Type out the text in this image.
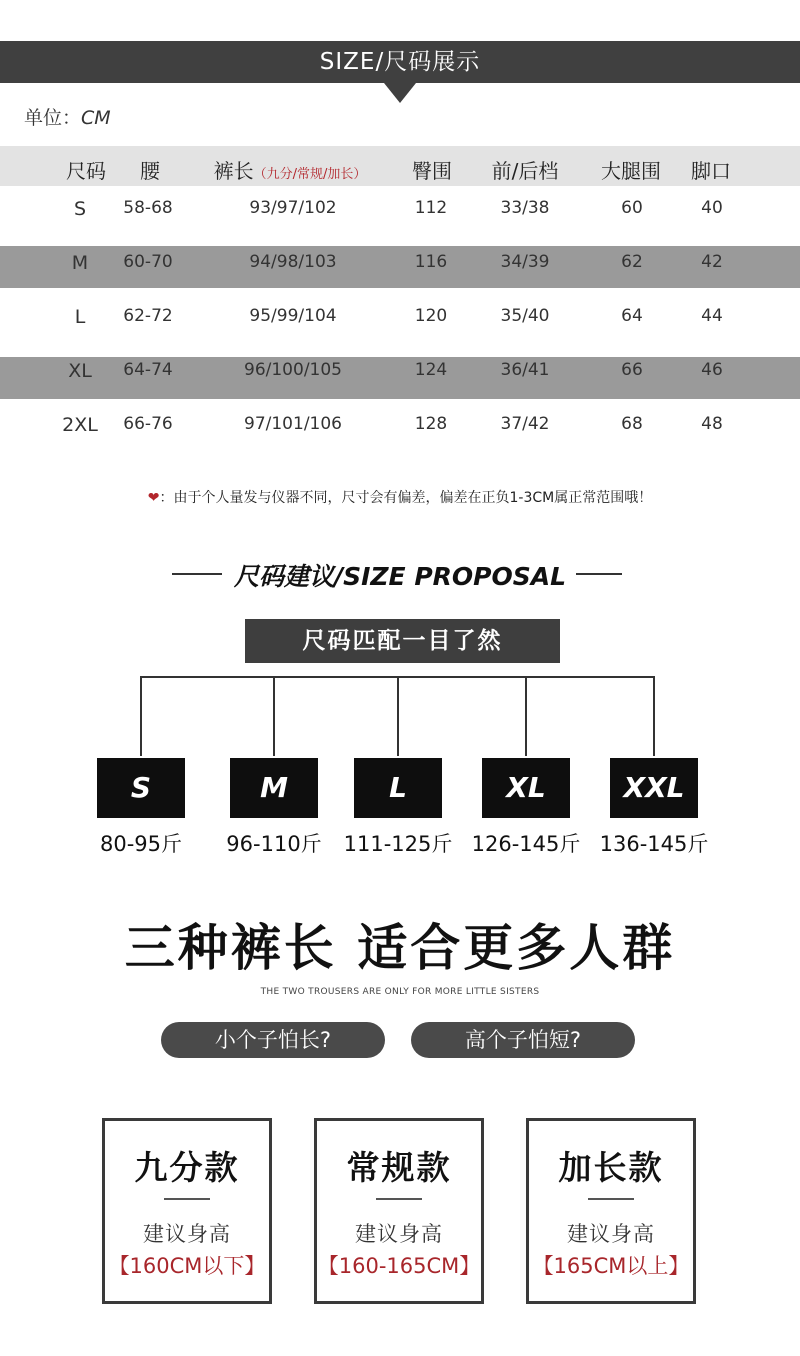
SIZE/尺码展示
单位：CM
尺码 腰	裤长（九分/常规/加长） 臀围 前/后档 大腿围 脚口
S 58-68	93/97/102	112	33/38	60	40
M 60-70	94/98/103	116	34/39	62	42
L 62-72	95/99/104	120	35/40	64	44
XL 64-74	96/100/105	124	36/41	66	46
2XL 66-76	97/101/106	128	37/42	68	48
❤：由于个人量发与仪器不同，尺寸会有偏差，偏差在正负1-3CM属正常范围哦！
尺码建议/SIZE PROPOSAL
尺码匹配一目了然
S
80-95斤
M
96-110斤
L
111-125斤
XL
126-145斤
XXL
136-145斤
三种裤长 适合更多人群
THE TWO TROUSERS ARE ONLY FOR MORE LITTLE SISTERS
小个子怕长?	高个子怕短?
九分款
建议身高
【160CM以下】
常规款
建议身高
【160-165CM】
加长款
建议身高
【165CM以上】
